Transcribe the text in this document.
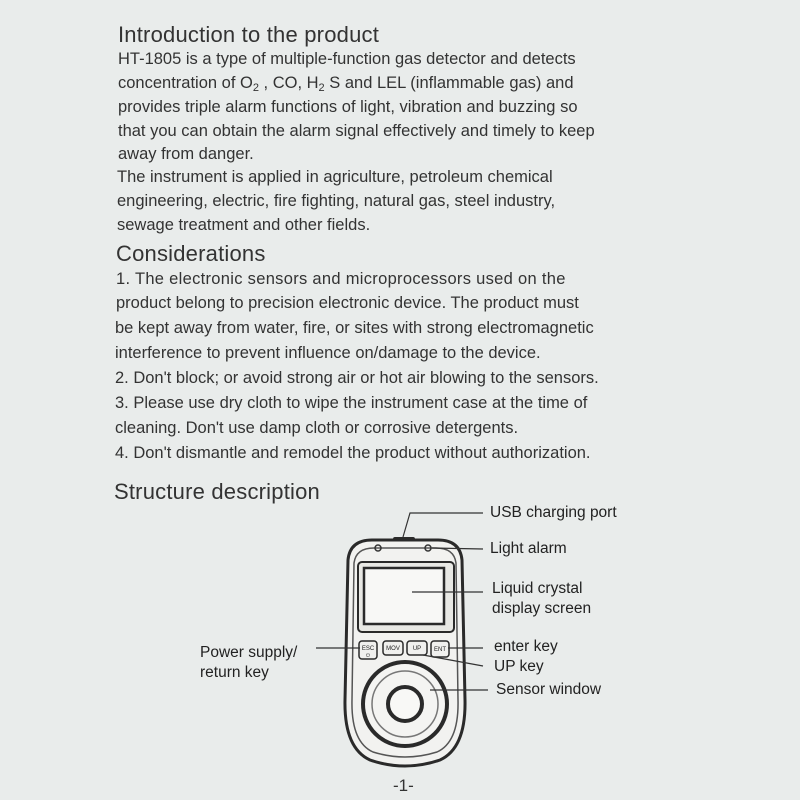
Introduction to the product
HT-1805 is a type of multiple-function gas detector and detects
concentration of $O_2$ , CO, $H_2$ S and LEL (inflammable gas) and
provides triple alarm functions of light, vibration and buzzing so
that you can obtain the alarm signal effectively and timely to keep
away from danger.
The instrument is applied in agriculture, petroleum chemical
engineering, electric, fire fighting, natural gas, steel industry,
sewage treatment and other fields.
Considerations
1. The electronic sensors and microprocessors used on the
product belong to precision electronic device. The product must
be kept away from water, fire, or sites with strong electromagnetic
interference to prevent influence on/damage to the device.
2. Don't block; or avoid strong air or hot air blowing to the sensors.
3. Please use dry cloth to wipe the instrument case at the time of
cleaning. Don't use damp cloth or corrosive detergents.
4. Don't dismantle and remodel the product without authorization.
Structure description
ESC
⏻
MOV UP ENT
USB charging port
Light alarm
Liquid crystal
display screen
Power supply/
return key
enter key
UP key
Sensor window
-1-
